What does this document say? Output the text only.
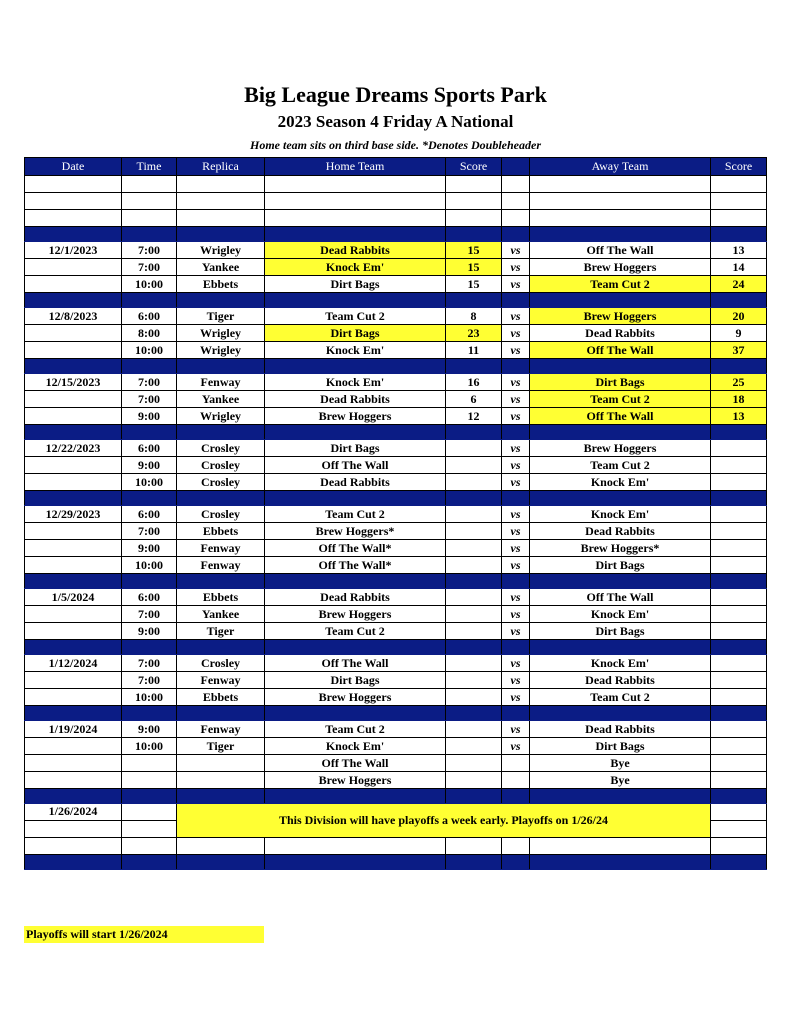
Big League Dreams Sports Park
2023 Season 4 Friday A National
Home team sits on third base side. *Denotes Doubleheader
Date	Time	Replica	Home Team	Score		Away Team	Score

12/1/2023	7:00	Wrigley	Dead Rabbits	15	vs	Off The Wall	13
	7:00	Yankee	Knock Em'	15	vs	Brew Hoggers	14
	10:00	Ebbets	Dirt Bags	15	vs	Team Cut 2	24

12/8/2023	6:00	Tiger	Team Cut 2	8	vs	Brew Hoggers	20
	8:00	Wrigley	Dirt Bags	23	vs	Dead Rabbits	9
	10:00	Wrigley	Knock Em'	11	vs	Off The Wall	37

12/15/2023	7:00	Fenway	Knock Em'	16	vs	Dirt Bags	25
	7:00	Yankee	Dead Rabbits	6	vs	Team Cut 2	18
	9:00	Wrigley	Brew Hoggers	12	vs	Off The Wall	13

12/22/2023	6:00	Crosley	Dirt Bags		vs	Brew Hoggers	
	9:00	Crosley	Off The Wall		vs	Team Cut 2	
	10:00	Crosley	Dead Rabbits		vs	Knock Em'	

12/29/2023	6:00	Crosley	Team Cut 2		vs	Knock Em'	
	7:00	Ebbets	Brew Hoggers*		vs	Dead Rabbits	
	9:00	Fenway	Off The Wall*		vs	Brew Hoggers*	
	10:00	Fenway	Off The Wall*		vs	Dirt Bags	

1/5/2024	6:00	Ebbets	Dead Rabbits		vs	Off The Wall	
	7:00	Yankee	Brew Hoggers		vs	Knock Em'	
	9:00	Tiger	Team Cut 2		vs	Dirt Bags	

1/12/2024	7:00	Crosley	Off The Wall		vs	Knock Em'	
	7:00	Fenway	Dirt Bags		vs	Dead Rabbits	
	10:00	Ebbets	Brew Hoggers		vs	Team Cut 2	

1/19/2024	9:00	Fenway	Team Cut 2		vs	Dead Rabbits	
	10:00	Tiger	Knock Em'		vs	Dirt Bags	
			Off The Wall			Bye	
			Brew Hoggers			Bye	

1/26/2024		This Division will have playoffs a week early. Playoffs on 1/26/24					

Playoffs will start 1/26/2024
